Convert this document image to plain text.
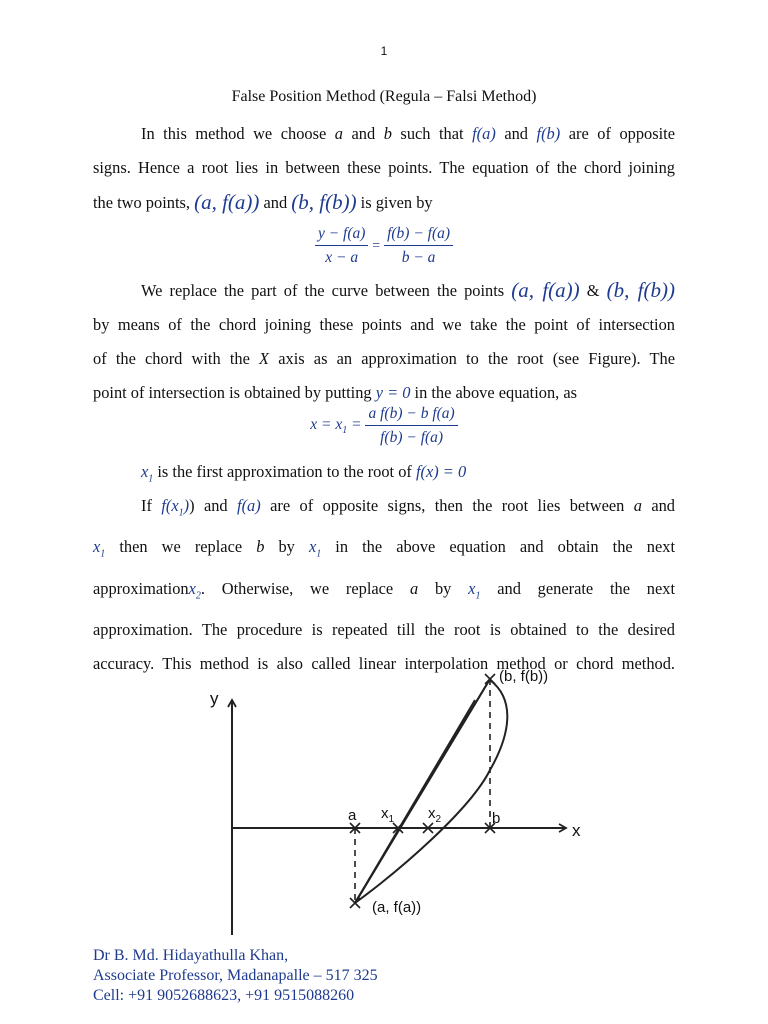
1
False Position Method (Regula – Falsi Method)
In this method we choose a and b such that f(a) and f(b) are of opposite
signs. Hence a root lies in between these points. The equation of the chord joining
the two points, (a, f(a)) and (b, f(b)) is given by
$\frac{y - f(a)}{x - a} = \frac{f(b) - f(a)}{b - a}$
We replace the part of the curve between the points (a, f(a)) & (b, f(b))
by means of the chord joining these points and we take the point of intersection
of the chord with the X axis as an approximation to the root (see Figure). The
point of intersection is obtained by putting y = 0 in the above equation, as
$x = x_1 = \frac{\text{a f(b) − b f(a)}}{f(b) - f(a)}$
$x_1$ is the first approximation to the root of f(x) = 0
If $f(x_1)$) and f(a) are of opposite signs, then the root lies between a and
$x_1$ then we replace b by $x_1$ in the above equation and obtain the next
approximationx$_2$. Otherwise, we replace a by $x_1$ and generate the next
approximation. The procedure is repeated till the root is obtained to the desired
accuracy. This method is also called linear interpolation method or chord method.
y
x
a	b
$x_1$ $x_2$
(b, f(b))
(a, f(a))
Dr B. Md. Hidayathulla Khan,
Associate Professor, Madanapalle – 517 325
Cell: +91 9052688623, +91 9515088260
